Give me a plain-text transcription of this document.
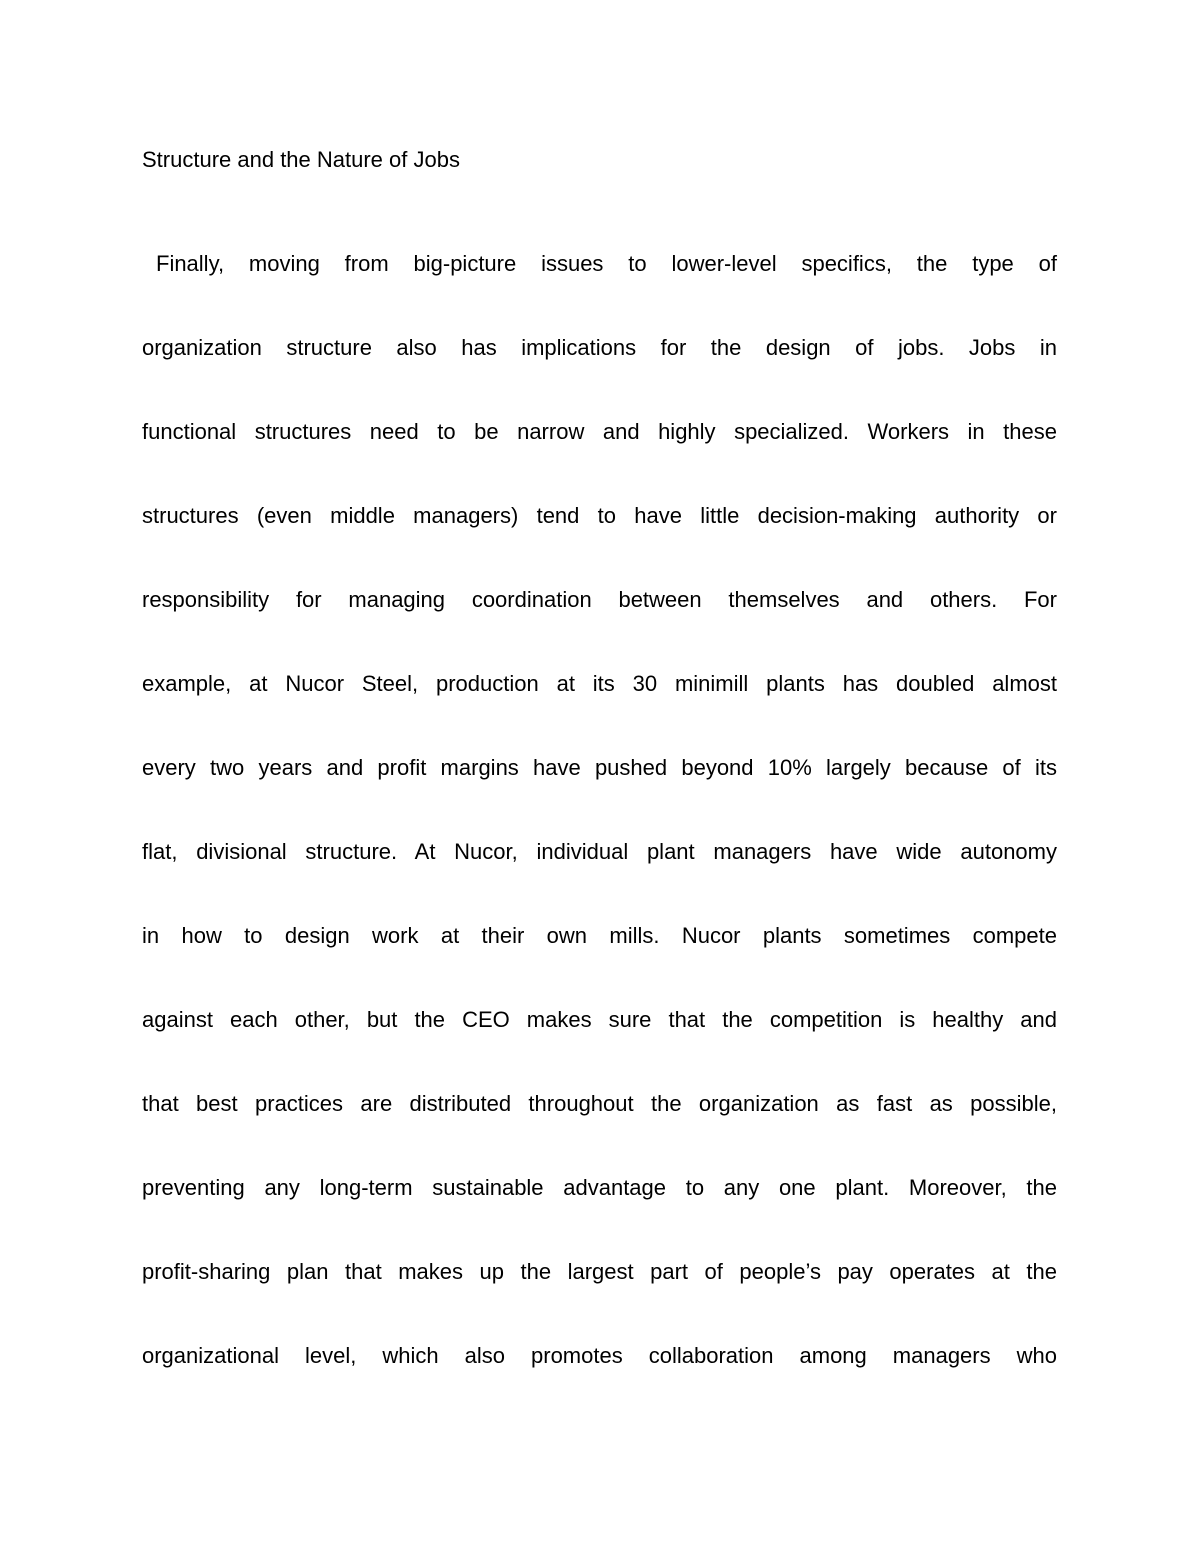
Structure and the Nature of Jobs
Finally, moving from big-picture issues to lower-level specifics, the type of
organization structure also has implications for the design of jobs. Jobs in
functional structures need to be narrow and highly specialized. Workers in these
structures (even middle managers) tend to have little decision-making authority or
responsibility for managing coordination between themselves and others. For
example, at Nucor Steel, production at its 30 minimill plants has doubled almost
every two years and profit margins have pushed beyond 10% largely because of its
flat, divisional structure. At Nucor, individual plant managers have wide autonomy
in how to design work at their own mills. Nucor plants sometimes compete
against each other, but the CEO makes sure that the competition is healthy and
that best practices are distributed throughout the organization as fast as possible,
preventing any long-term sustainable advantage to any one plant. Moreover, the
profit-sharing plan that makes up the largest part of people’s pay operates at the
organizational level, which also promotes collaboration among managers who
